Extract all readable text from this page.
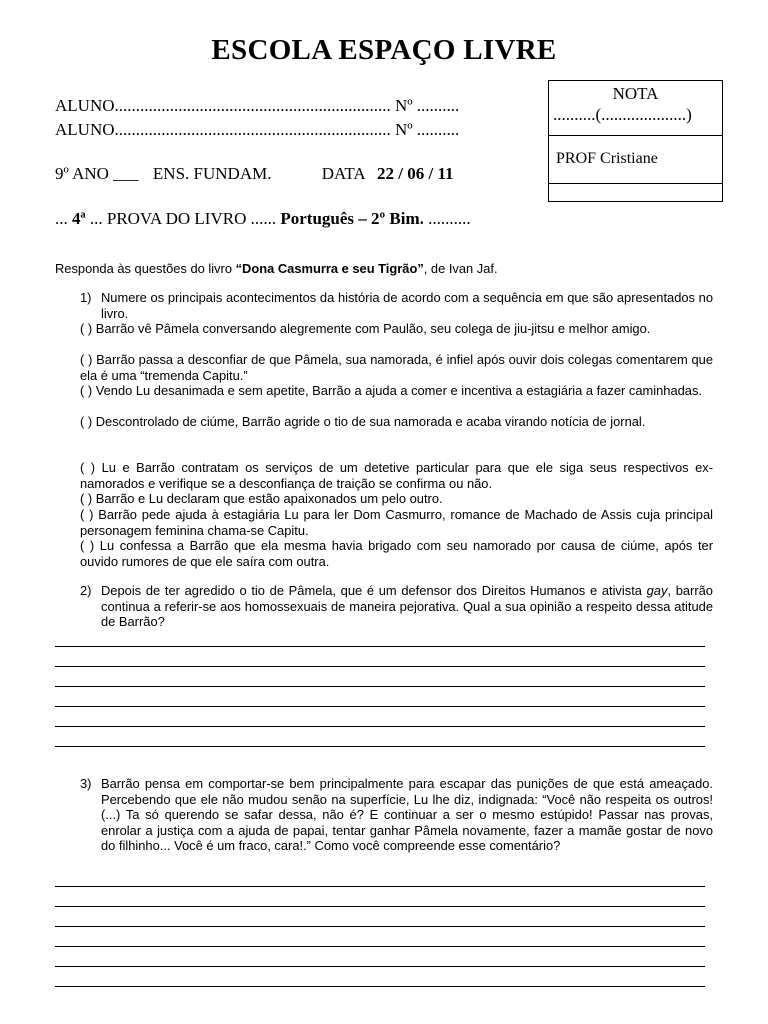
ESCOLA ESPAÇO LIVRE
ALUNO................................................................. Nº ..........
ALUNO................................................................. Nº ..........
9º ANO ___ ENS. FUNDAM.	DATA 22 / 06 / 11
... 4ª ... PROVA DO LIVRO ...... Português – 2º Bim. ..........
NOTA
..........(....................)
PROF Cristiane
Responda às questões do livro “Dona Casmurra e seu Tigrão”, de Ivan Jaf.
1) Numere os principais acontecimentos da história de acordo com a sequência em que são apresentados no livro.
( ) Barrão vê Pâmela conversando alegremente com Paulão, seu colega de jiu-jitsu e melhor amigo.
( ) Barrão passa a desconfiar de que Pâmela, sua namorada, é infiel após ouvir dois colegas comentarem que ela é uma “tremenda Capitu.”
( ) Vendo Lu desanimada e sem apetite, Barrão a ajuda a comer e incentiva a estagiária a fazer caminhadas.
( ) Descontrolado de ciúme, Barrão agride o tio de sua namorada e acaba virando notícia de jornal.
( ) Lu e Barrão contratam os serviços de um detetive particular para que ele siga seus respectivos ex-namorados e verifique se a desconfiança de traição se confirma ou não.
( ) Barrão e Lu declaram que estão apaixonados um pelo outro.
( ) Barrão pede ajuda à estagiária Lu para ler Dom Casmurro, romance de Machado de Assis cuja principal personagem feminina chama-se Capitu.
( ) Lu confessa a Barrão que ela mesma havia brigado com seu namorado por causa de ciúme, após ter ouvido rumores de que ele saíra com outra.
2) Depois de ter agredido o tio de Pâmela, que é um defensor dos Direitos Humanos e ativista gay, barrão continua a referir-se aos homossexuais de maneira pejorativa. Qual a sua opinião a respeito dessa atitude de Barrão?
3) Barrão pensa em comportar-se bem principalmente para escapar das punições de que está ameaçado. Percebendo que ele não mudou senão na superfície, Lu lhe diz, indignada: “Você não respeita os outros! (...) Ta só querendo se safar dessa, não é? E continuar a ser o mesmo estúpido! Passar nas provas, enrolar a justiça com a ajuda de papai, tentar ganhar Pâmela novamente, fazer a mamãe gostar de novo do filhinho... Você é um fraco, cara!.” Como você compreende esse comentário?
